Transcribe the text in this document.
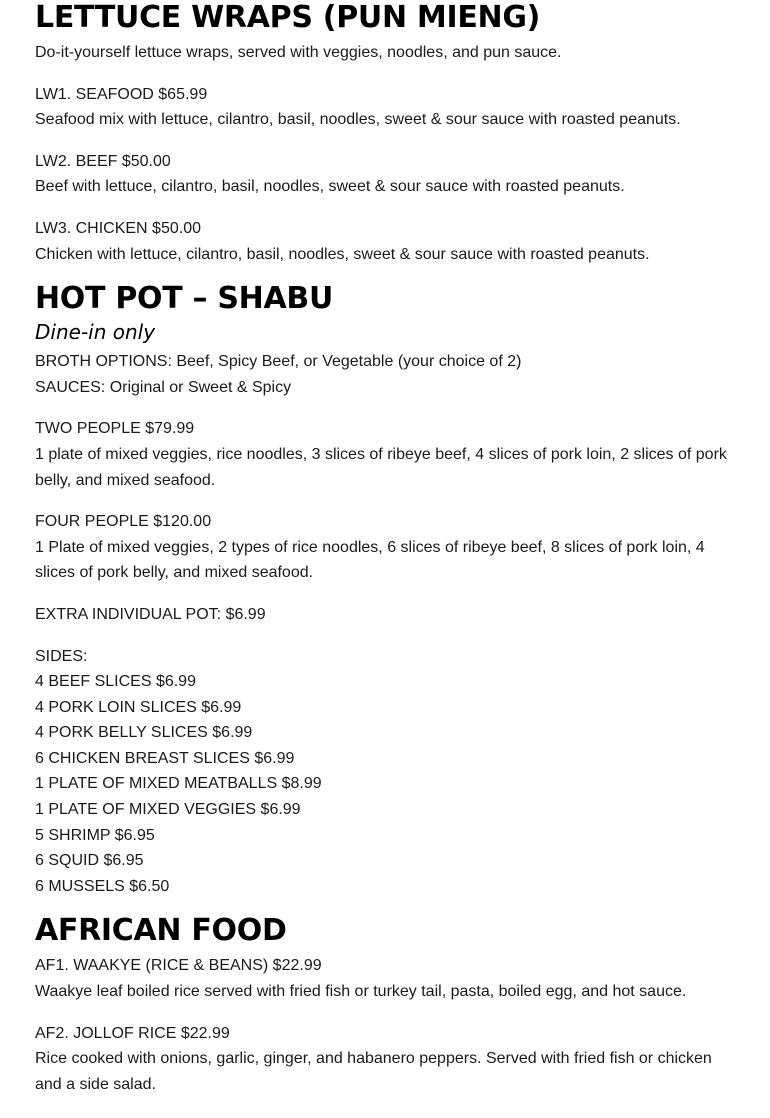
LETTUCE WRAPS (PUN MIENG)

Do-it-yourself lettuce wraps, served with veggies, noodles, and pun sauce.

LW1. SEAFOOD $65.99

Seafood mix with lettuce, cilantro, basil, noodles, sweet & sour sauce with roasted peanuts.

LW2. BEEF $50.00

Beef with lettuce, cilantro, basil, noodles, sweet & sour sauce with roasted peanuts.

LW3. CHICKEN $50.00

Chicken with lettuce, cilantro, basil, noodles, sweet & sour sauce with roasted peanuts.

HOT POT – SHABU
Dine-in only

BROTH OPTIONS: Beef, Spicy Beef, or Vegetable (your choice of 2)

SAUCES: Original or Sweet & Spicy

TWO PEOPLE $79.99

1 plate of mixed veggies, rice noodles, 3 slices of ribeye beef, 4 slices of pork loin, 2 slices of pork belly, and mixed seafood.

FOUR PEOPLE $120.00

1 Plate of mixed veggies, 2 types of rice noodles, 6 slices of ribeye beef, 8 slices of pork loin, 4 slices of pork belly, and mixed seafood.

EXTRA INDIVIDUAL POT: $6.99

SIDES:

4 BEEF SLICES $6.99

4 PORK LOIN SLICES $6.99

4 PORK BELLY SLICES $6.99

6 CHICKEN BREAST SLICES $6.99

1 PLATE OF MIXED MEATBALLS $8.99

1 PLATE OF MIXED VEGGIES $6.99

5 SHRIMP $6.95

6 SQUID $6.95

6 MUSSELS $6.50

AFRICAN FOOD

AF1. WAAKYE (RICE & BEANS) $22.99

Waakye leaf boiled rice served with fried fish or turkey tail, pasta, boiled egg, and hot sauce.

AF2. JOLLOF RICE $22.99

Rice cooked with onions, garlic, ginger, and habanero peppers. Served with fried fish or chicken and a side salad.
